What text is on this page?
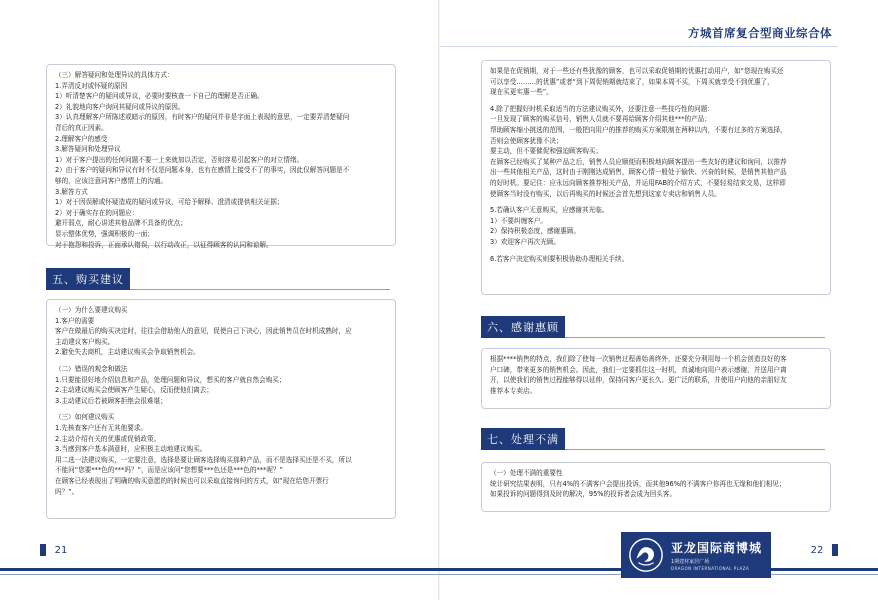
方城首席复合型商业综合体

（三）解答疑问和处理异议的具体方式：

1.弄清反对或怀疑的原因

1）听清楚客户的疑问或异议，必要时要核查一下自己的理解是否正确。

2）礼貌地向客户询问其疑问或异议的原因。

3）认真理解客户所陈述或暗示的原因，有时客户的疑问并非是字面上表现的意思，一定要弄清楚疑问

背后的真正因素。

2.理解客户的感受

3.解答疑问和处理异议

1）对于客户提出的任何问题不要一上来就加以否定，否则容易引起客户的对立情绪。

2）由于客户的疑问和异议有时不仅是问题本身，也有在感情上接受不了的事实，因此仅解答问题是不

够的，应该注意同客户感情上的沟通。

3.解答方式

1）对于因误解或怀疑造成的疑问或异议，可给予解释、澄清或提供相关证据；

2）对于确实存在的问题应：

避开弱点，耐心讲述其他品牌不具备的优点；

显示整体优势，强调积极的一面；

对于抱怨和投诉，正面承认错误，以行动改正，以征得顾客的认同和谅解。

五、购买建议

（一）为什么要建议购买

1.客户的需要

客户在做最后的购买决定时，往往会借助他人的意见，促使自己下决心，因此销售员在时机成熟时，应

主动建议客户购买。

2.避免失去商机，主动建议购买会争取销售机会。

（二）错误的观念和做法

1.只要能很好地介绍信息和产品，处理问题和异议，想买的客户就自然会购买；

2.主动建议购买会使顾客产生疑心，反而使他们离去；

3.主动建议后若被顾客拒绝会很难堪；

（三）如何建议购买

1.先核查客户还有无其他要求。

2.主动介绍有关的优惠或促销政策。

3.当感到客户基本满意时，应积极主动地建议购买。

用二选一法建议购买，一定要注意，选择是要让顾客选择购买那种产品，而不是选择买还是不买，所以

不能问“您要***色的***吗？”，而是应该问“您想要***色还是***色的***呢？”

在顾客已经表现出了明确的购买意愿的的时候也可以采取直接询问的方式，如“现在给您开票行

吗？”。

如果是在促销期，对于一些还有些犹豫的顾客，也可以采取促销期的优惠打动用户，如“您现在购买还

可以享受………的优惠”或者“到下周促销期就结束了，如果本周不买，下周买就享受不到优惠了，

现在买更实惠一些”。

4.除了把握好时机采取适当的方法建议购买外，还要注意一些技巧性的问题：

一旦发现了顾客的购买信号，销售人员就不要再给顾客介绍其他***的产品；

帮助顾客缩小挑选的范围，一般把向用户的推荐的购买方案限制在两种以内，不要有过多的方案选择，

否则会使顾客犹豫不决；

要主动，但不要催促和强迫顾客购买；

在顾客已经购买了某种产品之后，销售人员应顺便而积极地向顾客提出一些友好的建议和询问，以推荐

出一些其他相关产品，这时由于刚刚达成销售，顾客心情一般处于愉快、兴奋的时候，是销售其他产品

的好时机。要记住：应永远向顾客推荐相关产品，并运用FAB的介绍方式，不要轻易结束交易，这样即

使顾客当时没有购买，以后再购买的时候还会首先想到这家专卖店和销售人员。

5.若确认客户无意购买，应感谢其光临。

1）不要纠缠客户。

2）保持积极态度，感谢惠顾。

3）欢迎客户再次光顾。

6.若客户决定购买则要积极协助办理相关手续。

六、感谢惠顾

根据****销售的特点，我们除了使每一次销售过程善始善终外，还要充分利用每一个机会创造良好的客

户口碑，带来更多的销售机会。因此，我们一定要抓住这一时机，真诚地向用户表示感谢，并送用户离

开，以使我们的销售过程能够得以延伸，保持同客户更长久、更广泛的联系，并使用户向他的亲朋好友

推荐本专卖店。

七、处理不满

（一）处理不满的重要性

统计研究结果表明，只有4%的不满客户会提出投诉，而其他96%的不满客户你再也无缘和他们相见；

如果投诉的问题得到及时的解决，95%的投诉者会成为回头客。

21	22
亚龙国际商博城
1期建材家居广场
DRAGON INTERNATIONAL PLAZA
